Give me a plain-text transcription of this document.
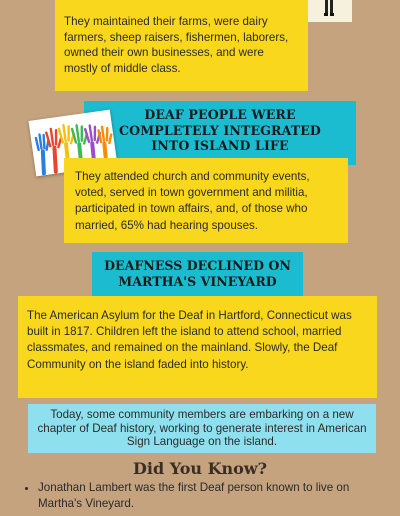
They maintained their farms, were dairy farmers, sheep raisers, fishermen, laborers, owned their own businesses, and were mostly of middle class.
DEAF PEOPLE WERE COMPLETELY INTEGRATED INTO ISLAND LIFE
They attended church and community events, voted, served in town government and militia, participated in town affairs, and, of those who married, 65% had hearing spouses.
DEAFNESS DECLINED ON MARTHA'S VINEYARD
The American Asylum for the Deaf in Hartford, Connecticut was built in 1817. Children left the island to attend school, married classmates, and remained on the mainland. Slowly, the Deaf Community on the island faded into history.
Today, some community members are embarking on a new chapter of Deaf history, working to generate interest in American Sign Language on the island.
Did You Know?
• Jonathan Lambert was the first Deaf person known to live on Martha's Vineyard.
